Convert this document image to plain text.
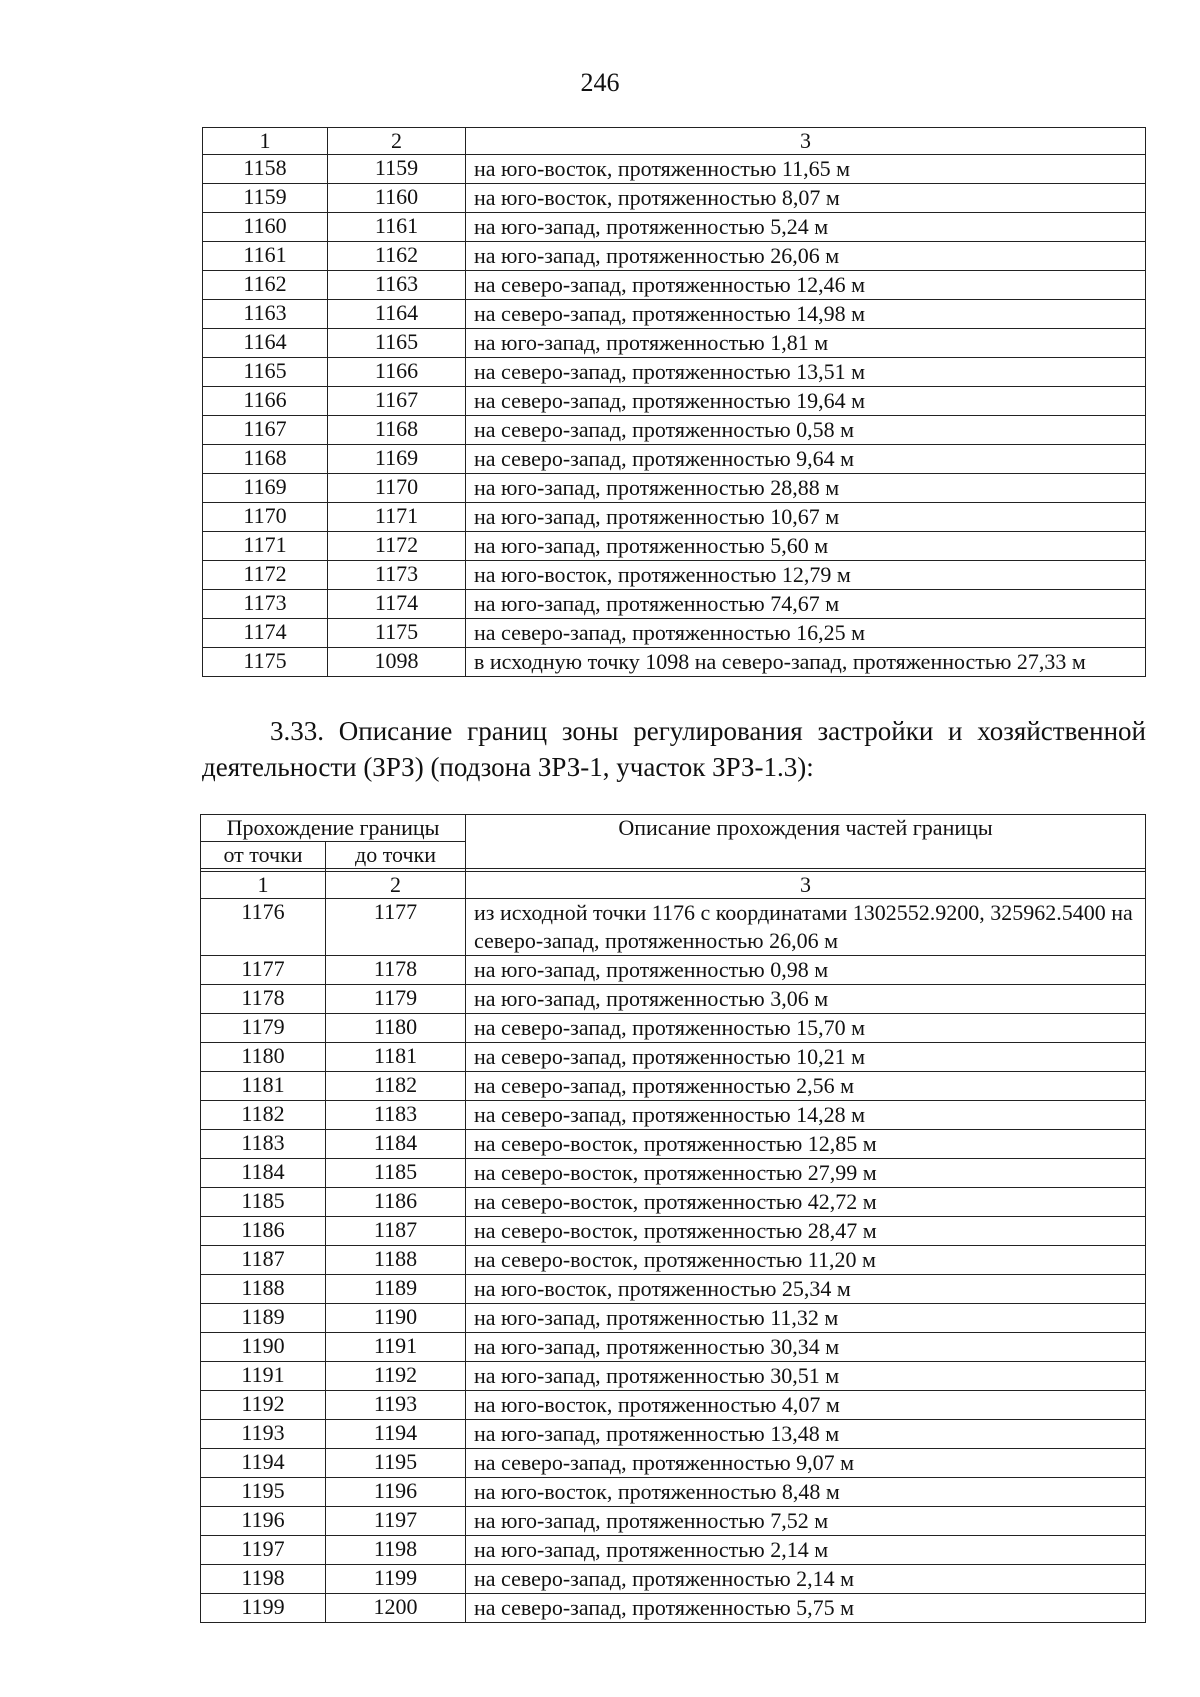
246
1	2	3
1158	1159	на юго-восток, протяженностью 11,65 м
1159	1160	на юго-восток, протяженностью 8,07 м
1160	1161	на юго-запад, протяженностью 5,24 м
1161	1162	на юго-запад, протяженностью 26,06 м
1162	1163	на северо-запад, протяженностью 12,46 м
1163	1164	на северо-запад, протяженностью 14,98 м
1164	1165	на юго-запад, протяженностью 1,81 м
1165	1166	на северо-запад, протяженностью 13,51 м
1166	1167	на северо-запад, протяженностью 19,64 м
1167	1168	на северо-запад, протяженностью 0,58 м
1168	1169	на северо-запад, протяженностью 9,64 м
1169	1170	на юго-запад, протяженностью 28,88 м
1170	1171	на юго-запад, протяженностью 10,67 м
1171	1172	на юго-запад, протяженностью 5,60 м
1172	1173	на юго-восток, протяженностью 12,79 м
1173	1174	на юго-запад, протяженностью 74,67 м
1174	1175	на северо-запад, протяженностью 16,25 м
1175	1098	в исходную точку 1098 на северо-запад, протяженностью 27,33 м
3.33. Описание границ зоны регулирования застройки и хозяйственной деятельности (ЗРЗ) (подзона ЗРЗ-1, участок ЗРЗ-1.3):
Прохождение границы		Описание прохождения частей границы
от точки	до точки	

1	2	3
1176	1177	из исходной точки 1176 с координатами 1302552.9200, 325962.5400 на северо-запад, протяженностью 26,06 м
1177	1178	на юго-запад, протяженностью 0,98 м
1178	1179	на юго-запад, протяженностью 3,06 м
1179	1180	на северо-запад, протяженностью 15,70 м
1180	1181	на северо-запад, протяженностью 10,21 м
1181	1182	на северо-запад, протяженностью 2,56 м
1182	1183	на северо-запад, протяженностью 14,28 м
1183	1184	на северо-восток, протяженностью 12,85 м
1184	1185	на северо-восток, протяженностью 27,99 м
1185	1186	на северо-восток, протяженностью 42,72 м
1186	1187	на северо-восток, протяженностью 28,47 м
1187	1188	на северо-восток, протяженностью 11,20 м
1188	1189	на юго-восток, протяженностью 25,34 м
1189	1190	на юго-запад, протяженностью 11,32 м
1190	1191	на юго-запад, протяженностью 30,34 м
1191	1192	на юго-запад, протяженностью 30,51 м
1192	1193	на юго-восток, протяженностью 4,07 м
1193	1194	на юго-запад, протяженностью 13,48 м
1194	1195	на северо-запад, протяженностью 9,07 м
1195	1196	на юго-восток, протяженностью 8,48 м
1196	1197	на юго-запад, протяженностью 7,52 м
1197	1198	на юго-запад, протяженностью 2,14 м
1198	1199	на северо-запад, протяженностью 2,14 м
1199	1200	на северо-запад, протяженностью 5,75 м
